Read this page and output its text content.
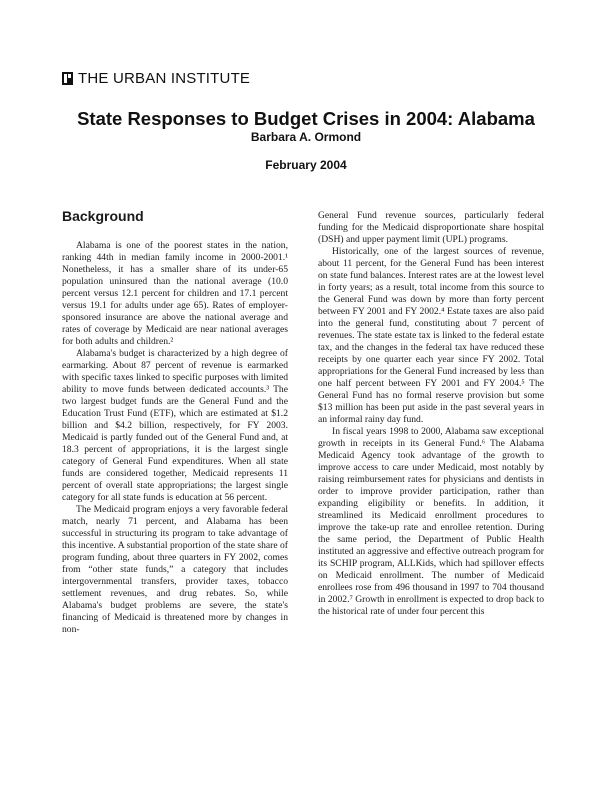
THE URBAN INSTITUTE
State Responses to Budget Crises in 2004: Alabama
Barbara A. Ormond
February 2004
Background

Alabama is one of the poorest states in the nation, ranking 44th in median family income in 2000-2001.¹ Nonetheless, it has a smaller share of its under-65 population uninsured than the national average (10.0 percent versus 12.1 percent for children and 17.1 percent versus 19.1 for adults under age 65). Rates of employer-sponsored insurance are above the national average and rates of coverage by Medicaid are near national averages for both adults and children.²

Alabama's budget is characterized by a high degree of earmarking. About 87 percent of revenue is earmarked with specific taxes linked to specific purposes with limited ability to move funds between dedicated accounts.³ The two largest budget funds are the General Fund and the Education Trust Fund (ETF), which are estimated at $1.2 billion and $4.2 billion, respectively, for FY 2003. Medicaid is partly funded out of the General Fund and, at 18.3 percent of appropriations, it is the largest single category of General Fund expenditures. When all state funds are considered together, Medicaid represents 11 percent of overall state appropriations; the largest single category for all state funds is education at 56 percent.

The Medicaid program enjoys a very favorable federal match, nearly 71 percent, and Alabama has been successful in structuring its program to take advantage of this incentive. A substantial proportion of the state share of program funding, about three quarters in FY 2002, comes from “other state funds,” a category that includes intergovernmental transfers, provider taxes, tobacco settlement revenues, and drug rebates. So, while Alabama's budget problems are severe, the state's financing of Medicaid is threatened more by changes in non-

General Fund revenue sources, particularly federal funding for the Medicaid disproportionate share hospital (DSH) and upper payment limit (UPL) programs.

Historically, one of the largest sources of revenue, about 11 percent, for the General Fund has been interest on state fund balances. Interest rates are at the lowest level in forty years; as a result, total income from this source to the General Fund was down by more than forty percent between FY 2001 and FY 2002.⁴ Estate taxes are also paid into the general fund, constituting about 7 percent of revenues. The state estate tax is linked to the federal estate tax, and the changes in the federal tax have reduced these receipts by one quarter each year since FY 2002. Total appropriations for the General Fund increased by less than one half percent between FY 2001 and FY 2004.⁵ The General Fund has no formal reserve provision but some $13 million has been put aside in the past several years in an informal rainy day fund.

In fiscal years 1998 to 2000, Alabama saw exceptional growth in receipts in its General Fund.⁶ The Alabama Medicaid Agency took advantage of the growth to improve access to care under Medicaid, most notably by raising reimbursement rates for physicians and dentists in order to improve provider participation, rather than expanding eligibility or benefits. In addition, it streamlined its Medicaid enrollment procedures to improve the take-up rate and enrollee retention. During the same period, the Department of Public Health instituted an aggressive and effective outreach program for its SCHIP program, ALLKids, which had spillover effects on Medicaid enrollment. The number of Medicaid enrollees rose from 496 thousand in 1997 to 704 thousand in 2002.⁷ Growth in enrollment is expected to drop back to the historical rate of under four percent this
